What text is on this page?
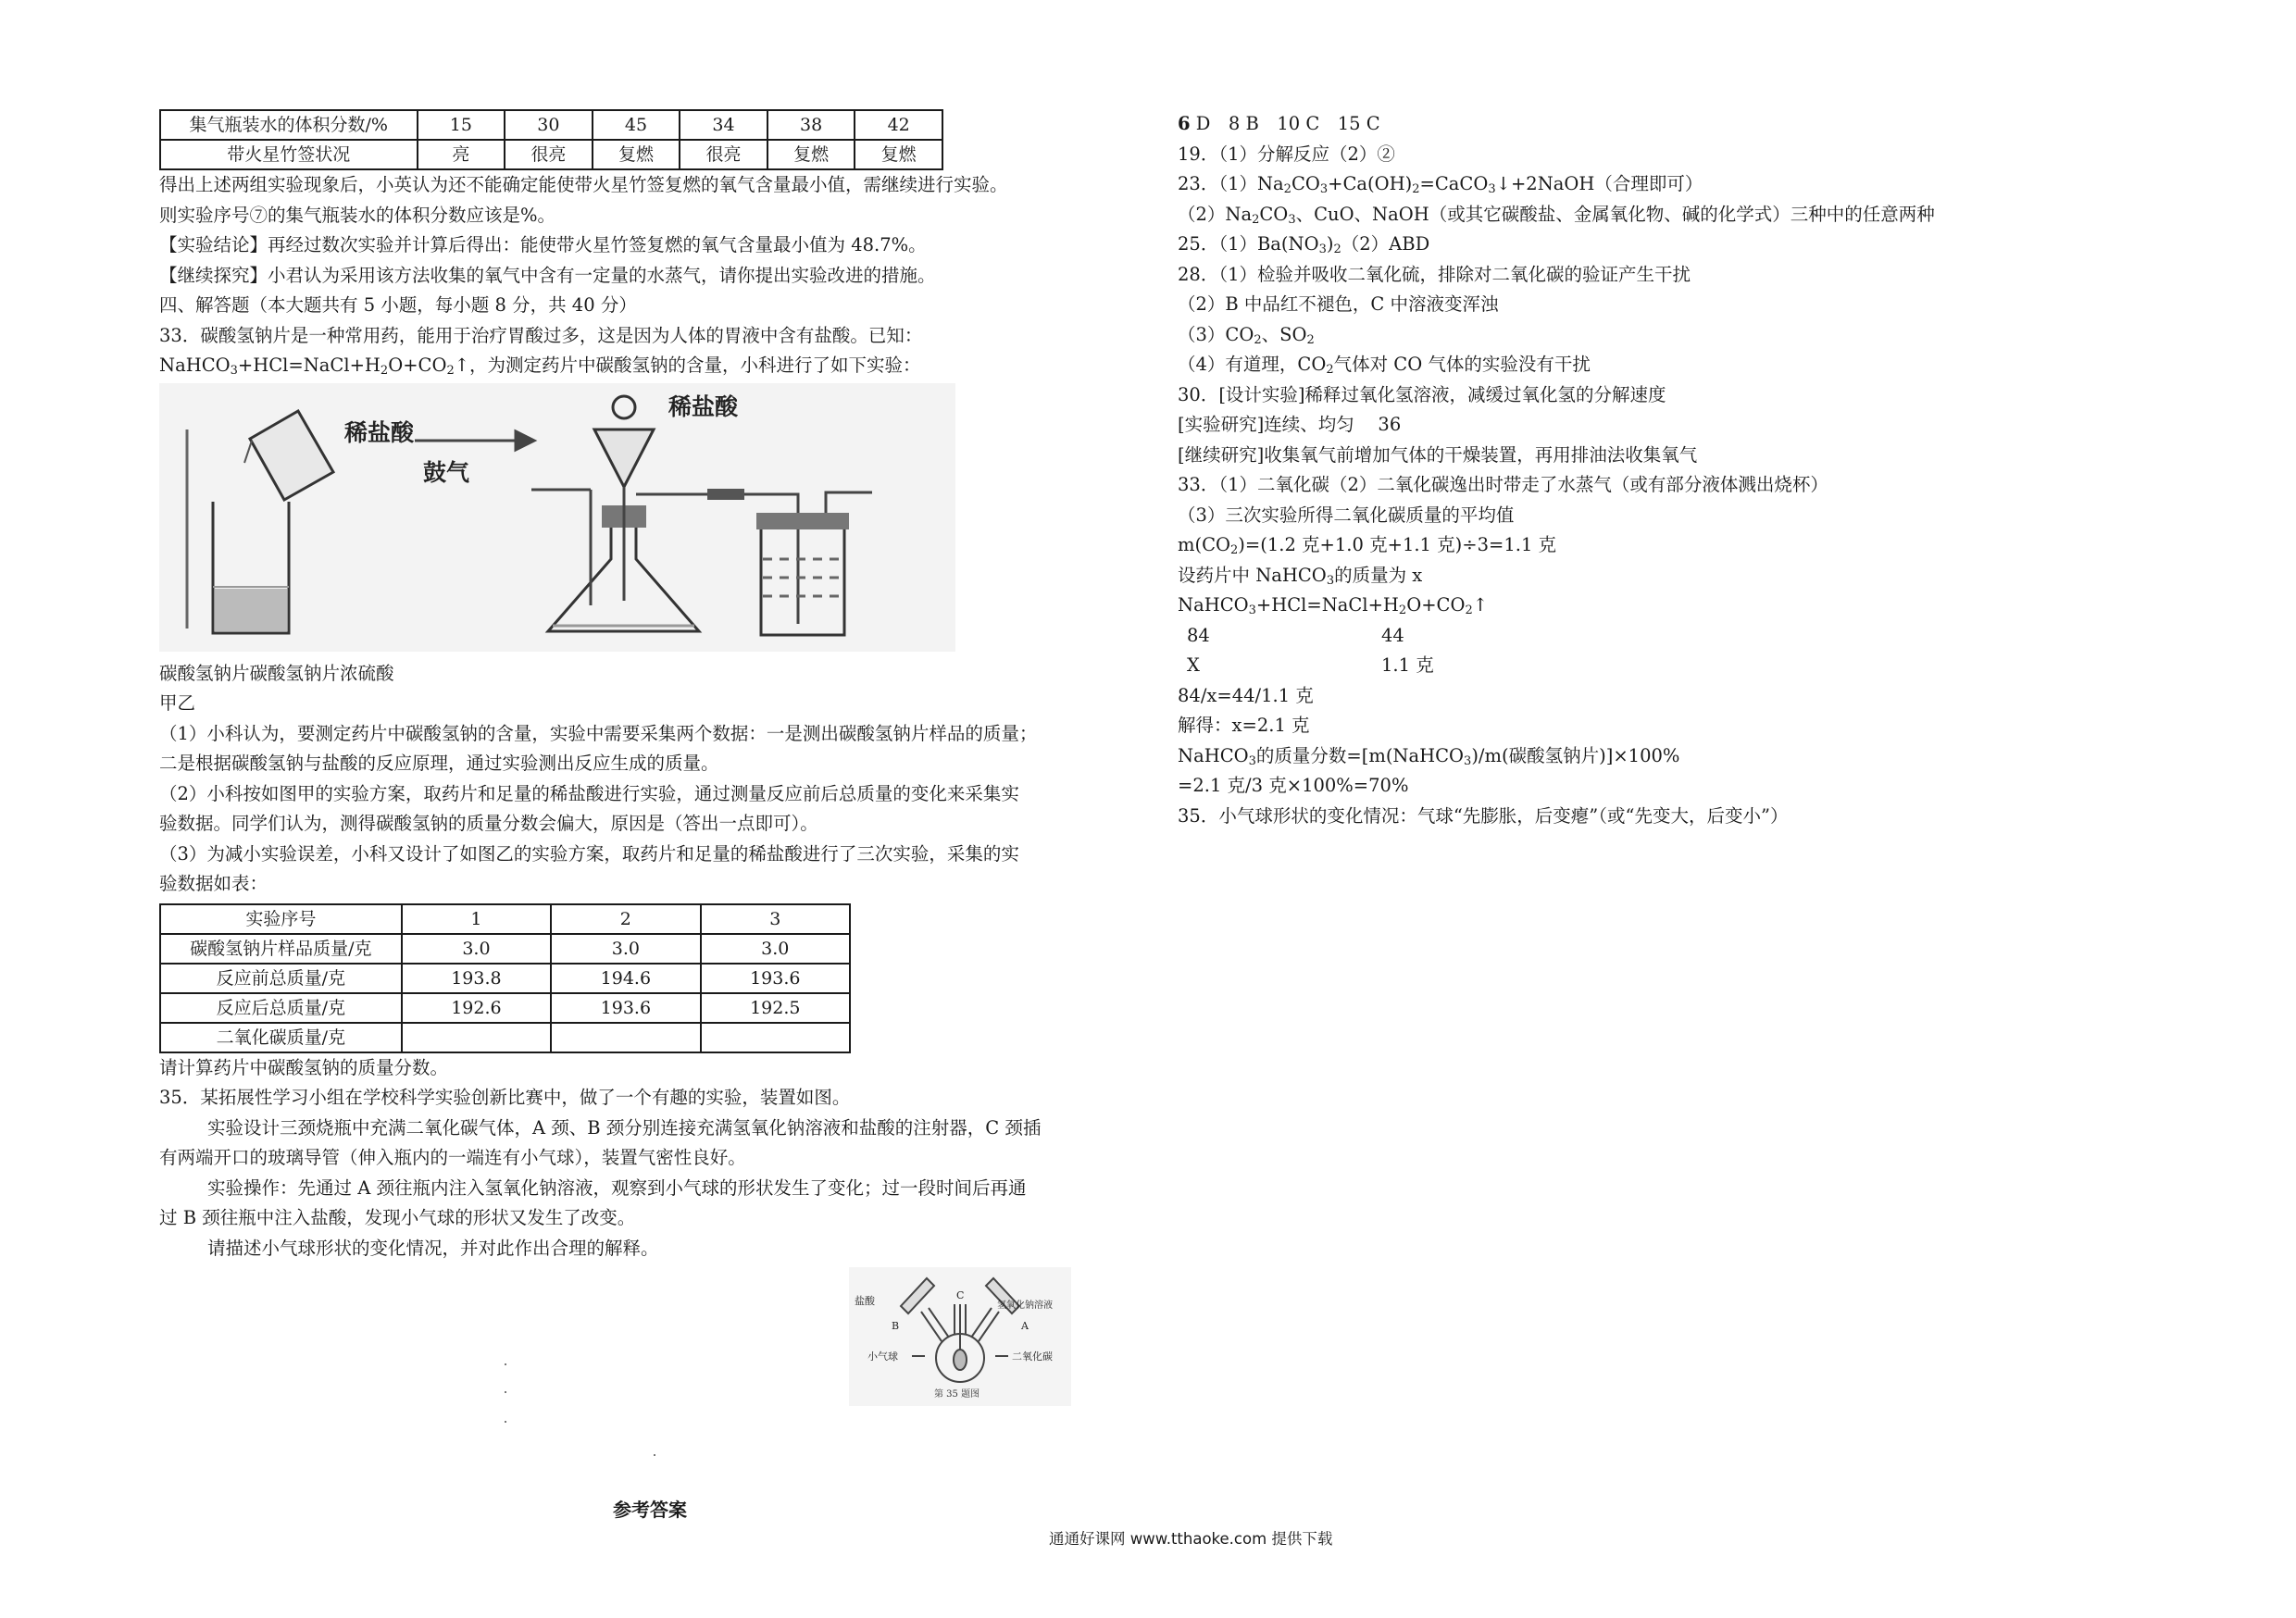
集气瓶装水的体积分数/%	15	30	45	34	38	42
带火星竹签状况	亮	很亮	复燃	很亮	复燃	复燃
得出上述两组实验现象后，小英认为还不能确定能使带火星竹签复燃的氧气含量最小值，需继续进行实验。
则实验序号⑦的集气瓶装水的体积分数应该是%。
【实验结论】再经过数次实验并计算后得出：能使带火星竹签复燃的氧气含量最小值为 48.7%。
【继续探究】小君认为采用该方法收集的氧气中含有一定量的水蒸气，请你提出实验改进的措施。
四、解答题（本大题共有 5 小题，每小题 8 分，共 40 分）
33．碳酸氢钠片是一种常用药，能用于治疗胃酸过多，这是因为人体的胃液中含有盐酸。已知：
$NaHCO_3+HCl=NaCl+H_2O+CO_2↑$，为测定药片中碳酸氢钠的含量，小科进行了如下实验：
稀盐酸
鼓气
稀盐酸
碳酸氢钠片碳酸氢钠片浓硫酸
甲乙
（1）小科认为，要测定药片中碳酸氢钠的含量，实验中需要采集两个数据：一是测出碳酸氢钠片样品的质量；
二是根据碳酸氢钠与盐酸的反应原理，通过实验测出反应生成的质量。
（2）小科按如图甲的实验方案，取药片和足量的稀盐酸进行实验，通过测量反应前后总质量的变化来采集实
验数据。同学们认为，测得碳酸氢钠的质量分数会偏大，原因是（答出一点即可）。
（3）为减小实验误差，小科又设计了如图乙的实验方案，取药片和足量的稀盐酸进行了三次实验，采集的实
验数据如表：
实验序号	1	2	3
碳酸氢钠片样品质量/克	3.0	3.0	3.0
反应前总质量/克	193.8	194.6	193.6
反应后总质量/克	192.6	193.6	192.5
二氧化碳质量/克			
请计算药片中碳酸氢钠的质量分数。
35．某拓展性学习小组在学校科学实验创新比赛中，做了一个有趣的实验，装置如图。
实验设计三颈烧瓶中充满二氧化碳气体，A 颈、B 颈分别连接充满氢氧化钠溶液和盐酸的注射器，C 颈插
有两端开口的玻璃导管（伸入瓶内的一端连有小气球），装置气密性良好。
实验操作：先通过 A 颈往瓶内注入氢氧化钠溶液，观察到小气球的形状发生了变化；过一段时间后再通
过 B 颈往瓶中注入盐酸，发现小气球的形状又发生了改变。
请描述小气球形状的变化情况，并对此作出合理的解释。
盐酸	氢氧化钠溶液
B
C
A
小气球	二氧化碳
第 35 题图
参考答案
6 D　8 B　10 C　15 C
19．（1）分解反应（2）②
23．$(1)Na_2CO_3+Ca(OH)_2=CaCO_3↓+2NaOH$（合理即可）
$(2)Na_2CO_3$、CuO、NaOH（或其它碳酸盐、金属氧化物、碱的化学式）三种中的任意两种
25．$(1)Ba(NO_3)_2(2)ABD$
28．（1）检验并吸收二氧化硫，排除对二氧化碳的验证产生干扰
（2）B 中品红不褪色，C 中溶液变浑浊
$(3)CO_2$、$SO_2$
（4）有道理，$CO_2$气体对 CO 气体的实验没有干扰
30．[设计实验]稀释过氧化氢溶液，减缓过氧化氢的分解速度
[实验研究]连续、均匀　 36
[继续研究]收集氧气前增加气体的干燥装置，再用排油法收集氧气
33．（1）二氧化碳（2）二氧化碳逸出时带走了水蒸气（或有部分液体溅出烧杯）
（3）三次实验所得二氧化碳质量的平均值
$m(CO_2)=(1.2$ 克+1.0 克+1.1 克)÷3=1.1 克
设药片中 NaHCO$_3$的质量为 x
$NaHCO_3+HCl=NaCl+H_2O+CO_2↑$
84	44
X	1.1 克
84/x=44/1.1 克
解得：x=2.1 克
NaHCO$_3$的质量分数=[m(NaHCO$_3$)/m(碳酸氢钠片)]×100%
=2.1 克/3 克×100%=70%
35．小气球形状的变化情况：气球“先膨胀，后变瘪”（或“先变大，后变小”）
通通好课网 www.tthaoke.com 提供下载
